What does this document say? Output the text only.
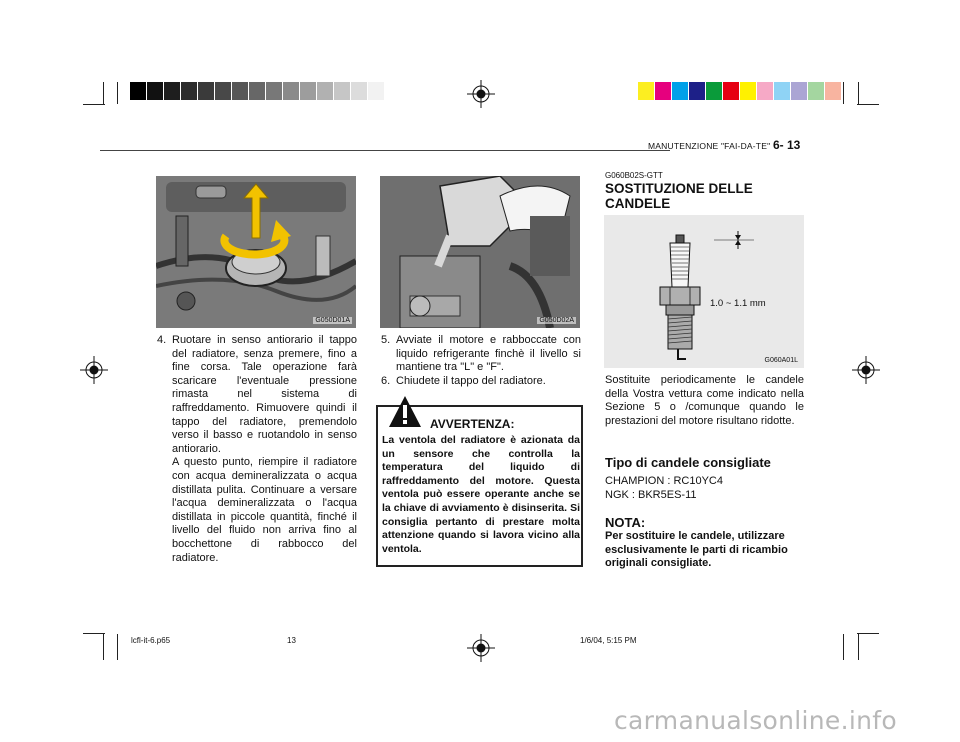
MANUTENZIONE "FAI-DA-TE" 6- 13
G050D01A
4. Ruotare in senso antiorario il tappo del radiatore, senza premere, fino a fine corsa. Tale operazione farà scaricare l'eventuale pressione rimasta nel sistema di raffreddamento. Rimuovere quindi il tappo del radiatore, premendolo verso il basso e ruotandolo in senso antiorario.

A questo punto, riempire il radiatore con acqua demineralizzata o acqua distillata pulita. Continuare a versare l'acqua demineralizzata o l'acqua distillata in piccole quantità, finché il livello del fluido non arriva fino al bocchettone di rabbocco del radiatore.

G050D02A
5. Avviate il motore e rabboccate con liquido refrigerante finchè il livello si mantiene tra "L" e "F".

6. Chiudete il tappo del radiatore.

AVVERTENZA:
La ventola del radiatore è azionata da un sensore che controlla la temperatura del liquido di raffreddamento del motore. Questa ventola può essere operante anche se la chiave di avviamento è disinserita. Si consiglia pertanto di prestare molta attenzione quando si lavora vicino alla ventola.
G060B02S-GTT
SOSTITUZIONE DELLE CANDELE
1.0 ~ 1.1 mm
G060A01L
Sostituite periodicamente le candele della Vostra vettura come indicato nella Sezione 5 o /comunque quando le prestazioni del motore risultano ridotte.
Tipo di candele consigliate
CHAMPION : RC10YC4
NGK : BKR5ES-11
NOTA:
Per sostituire le candele, utilizzare esclusivamente le parti di ricambio originali consigliate.
lcfl-it-6.p65	13	1/6/04, 5:15 PM
carmanualsonline.info
